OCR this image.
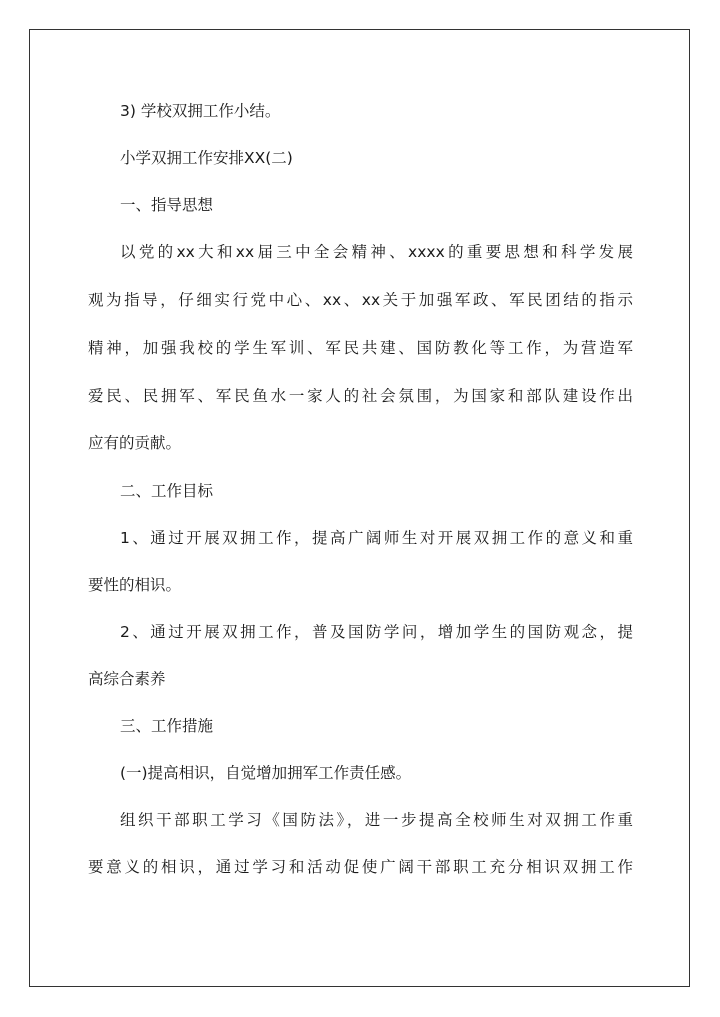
3) 学校双拥工作小结。
小学双拥工作安排XX(二)
一、指导思想
以党的xx大和xx届三中全会精神、xxxx的重要思想和科学发展
观为指导，仔细实行党中心、xx、xx关于加强军政、军民团结的指示
精神，加强我校的学生军训、军民共建、国防教化等工作，为营造军
爱民、民拥军、军民鱼水一家人的社会氛围，为国家和部队建设作出
应有的贡献。
二、工作目标
1、通过开展双拥工作，提高广阔师生对开展双拥工作的意义和重
要性的相识。
2、通过开展双拥工作，普及国防学问，增加学生的国防观念，提
高综合素养
三、工作措施
(一)提高相识，自觉增加拥军工作责任感。
组织干部职工学习《国防法》，进一步提高全校师生对双拥工作重
要意义的相识，通过学习和活动促使广阔干部职工充分相识双拥工作
